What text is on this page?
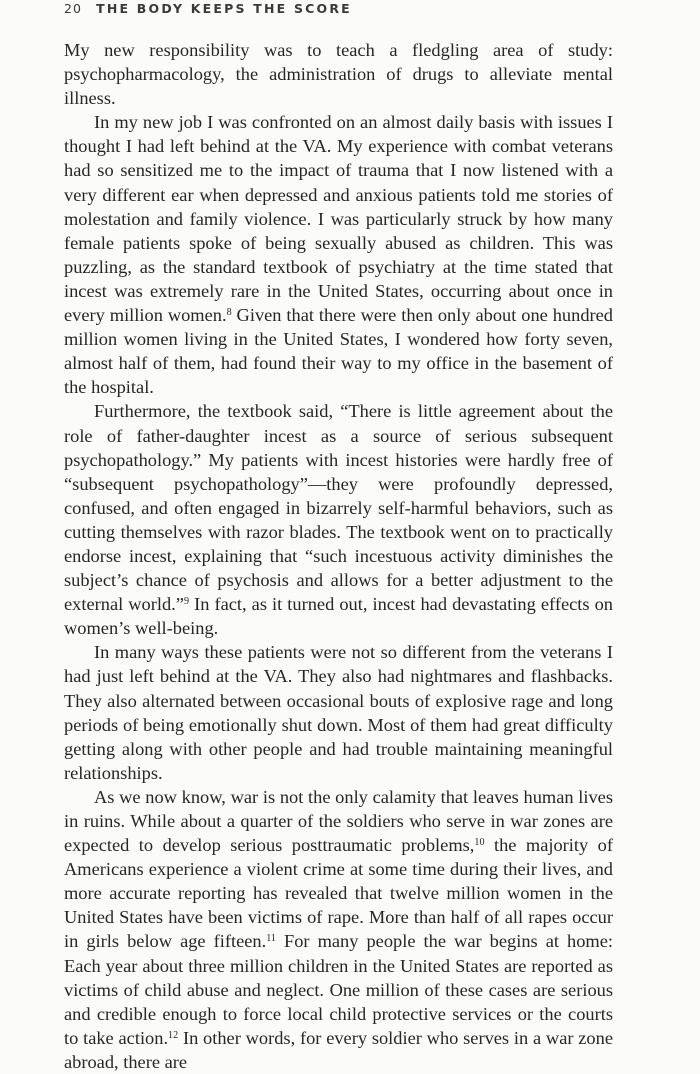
20 THE BODY KEEPS THE SCORE

My new responsibility was to teach a fledgling area of study: psychopharmacology, the administration of drugs to alleviate mental illness.

In my new job I was confronted on an almost daily basis with issues I thought I had left behind at the VA. My experience with combat veterans had so sensitized me to the impact of trauma that I now listened with a very different ear when depressed and anxious patients told me stories of molestation and family violence. I was particularly struck by how many female patients spoke of being sexually abused as children. This was puzzling, as the standard textbook of psychiatry at the time stated that incest was extremely rare in the United States, occurring about once in every million women.$^8$ Given that there were then only about one hundred million women living in the United States, I wondered how forty seven, almost half of them, had found their way to my office in the basement of the hospital.

Furthermore, the textbook said, “There is little agreement about the role of father-daughter incest as a source of serious subsequent psychopathology.” My patients with incest histories were hardly free of “subsequent psychopathology”—they were profoundly depressed, confused, and often engaged in bizarrely self-harmful behaviors, such as cutting themselves with razor blades. The textbook went on to practically endorse incest, explaining that “such incestuous activity diminishes the subject’s chance of psychosis and allows for a better adjustment to the external world.”$^9$ In fact, as it turned out, incest had devastating effects on women’s well-being.

In many ways these patients were not so different from the veterans I had just left behind at the VA. They also had nightmares and flashbacks. They also alternated between occasional bouts of explosive rage and long periods of being emotionally shut down. Most of them had great difficulty getting along with other people and had trouble maintaining meaningful relationships.

As we now know, war is not the only calamity that leaves human lives in ruins. While about a quarter of the soldiers who serve in war zones are expected to develop serious posttraumatic problems,$^{10}$ the majority of Americans experience a violent crime at some time during their lives, and more accurate reporting has revealed that twelve million women in the United States have been victims of rape. More than half of all rapes occur in girls below age fifteen.$^{11}$ For many people the war begins at home: Each year about three million children in the United States are reported as victims of child abuse and neglect. One million of these cases are serious and credible enough to force local child protective services or the courts to take action.$^{12}$ In other words, for every soldier who serves in a war zone abroad, there are
